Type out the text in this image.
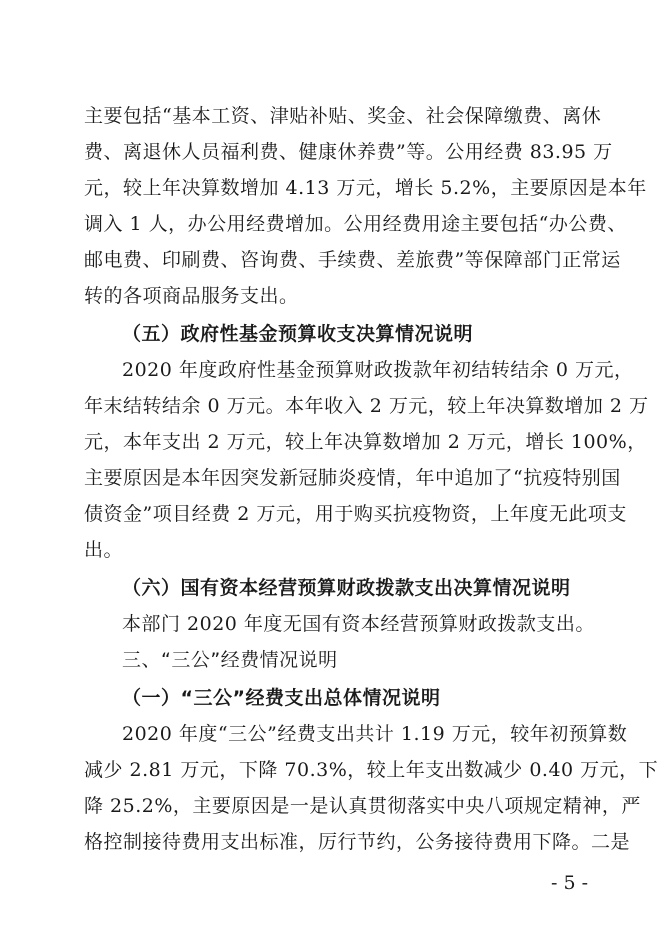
主要包括“基本工资、津贴补贴、奖金、社会保障缴费、离休
费、离退休人员福利费、健康休养费”等。公用经费 83.95 万
元，较上年决算数增加 4.13 万元，增长 5.2%，主要原因是本年
调入 1 人，办公用经费增加。公用经费用途主要包括“办公费、
邮电费、印刷费、咨询费、手续费、差旅费”等保障部门正常运
转的各项商品服务支出。
（五）政府性基金预算收支决算情况说明
2020 年度政府性基金预算财政拨款年初结转结余 0 万元，
年末结转结余 0 万元。本年收入 2 万元，较上年决算数增加 2 万
元，本年支出 2 万元，较上年决算数增加 2 万元，增长 100%，
主要原因是本年因突发新冠肺炎疫情，年中追加了“抗疫特别国
债资金”项目经费 2 万元，用于购买抗疫物资，上年度无此项支
出。
（六）国有资本经营预算财政拨款支出决算情况说明
本部门 2020 年度无国有资本经营预算财政拨款支出。
三、“三公”经费情况说明
（一）“三公”经费支出总体情况说明
2020 年度“三公”经费支出共计 1.19 万元，较年初预算数
减少 2.81 万元，下降 70.3%，较上年支出数减少 0.40 万元，下
降 25.2%，主要原因是一是认真贯彻落实中央八项规定精神，严
格控制接待费用支出标准，厉行节约，公务接待费用下降。二是
- 5 -
